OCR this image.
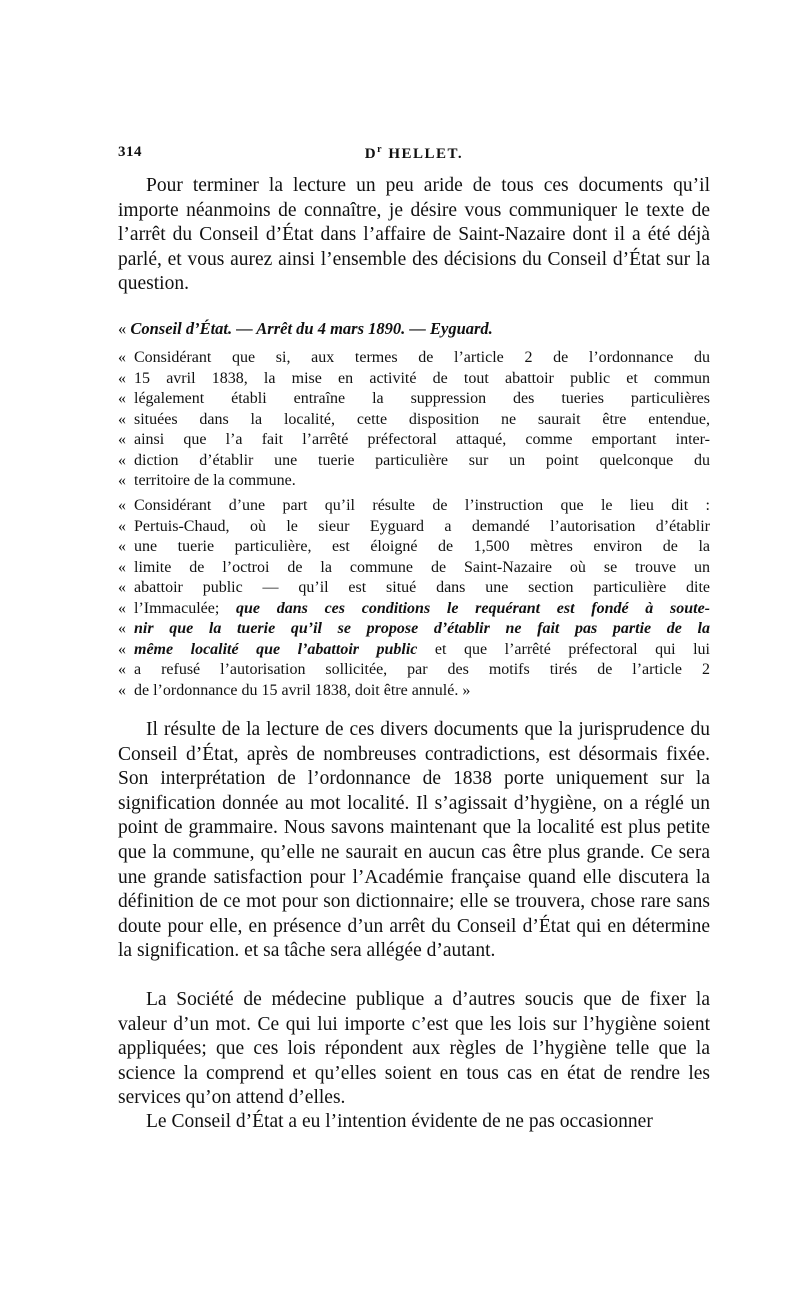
314	$D^r$ HELLET.

Pour terminer la lecture un peu aride de tous ces documents qu’il importe néanmoins de connaître, je désire vous communiquer le texte de l’arrêt du Conseil d’État dans l’affaire de Saint-Nazaire dont il a été déjà parlé, et vous aurez ainsi l’ensemble des décisions du Conseil d’État sur la question.

« Conseil d’État. — Arrêt du 4 mars 1890. — Eyguard.
« Considérant que si, aux termes de l’article 2 de l’ordonnance du
« 15 avril 1838, la mise en activité de tout abattoir public et commun
« légalement établi entraîne la suppression des tueries particulières
« situées dans la localité, cette disposition ne saurait être entendue,
« ainsi que l’a fait l’arrêté préfectoral attaqué, comme emportant inter-
« diction d’établir une tuerie particulière sur un point quelconque du
« territoire de la commune.
« Considérant d’une part qu’il résulte de l’instruction que le lieu dit :
« Pertuis-Chaud, où le sieur Eyguard a demandé l’autorisation d’établir
« une tuerie particulière, est éloigné de 1,500 mètres environ de la
« limite de l’octroi de la commune de Saint-Nazaire où se trouve un
« abattoir public — qu’il est situé dans une section particulière dite
« l’Immaculée; que dans ces conditions le requérant est fondé à soute-
« nir que la tuerie qu’il se propose d’établir ne fait pas partie de la
« même localité que l’abattoir public et que l’arrêté préfectoral qui lui
« a refusé l’autorisation sollicitée, par des motifs tirés de l’article 2
« de l’ordonnance du 15 avril 1838, doit être annulé. »

Il résulte de la lecture de ces divers documents que la jurisprudence du Conseil d’État, après de nombreuses contradictions, est désormais fixée. Son interprétation de l’ordonnance de 1838 porte uniquement sur la signification donnée au mot localité. Il s’agissait d’hygiène, on a réglé un point de grammaire. Nous savons maintenant que la localité est plus petite que la commune, qu’elle ne saurait en aucun cas être plus grande. Ce sera une grande satisfaction pour l’Académie française quand elle discutera la définition de ce mot pour son dictionnaire; elle se trouvera, chose rare sans doute pour elle, en présence d’un arrêt du Conseil d’État qui en détermine la signification. et sa tâche sera allégée d’autant.

La Société de médecine publique a d’autres soucis que de fixer la valeur d’un mot. Ce qui lui importe c’est que les lois sur l’hygiène soient appliquées; que ces lois répondent aux règles de l’hygiène telle que la science la comprend et qu’elles soient en tous cas en état de rendre les services qu’on attend d’elles.

Le Conseil d’État a eu l’intention évidente de ne pas occasionner
